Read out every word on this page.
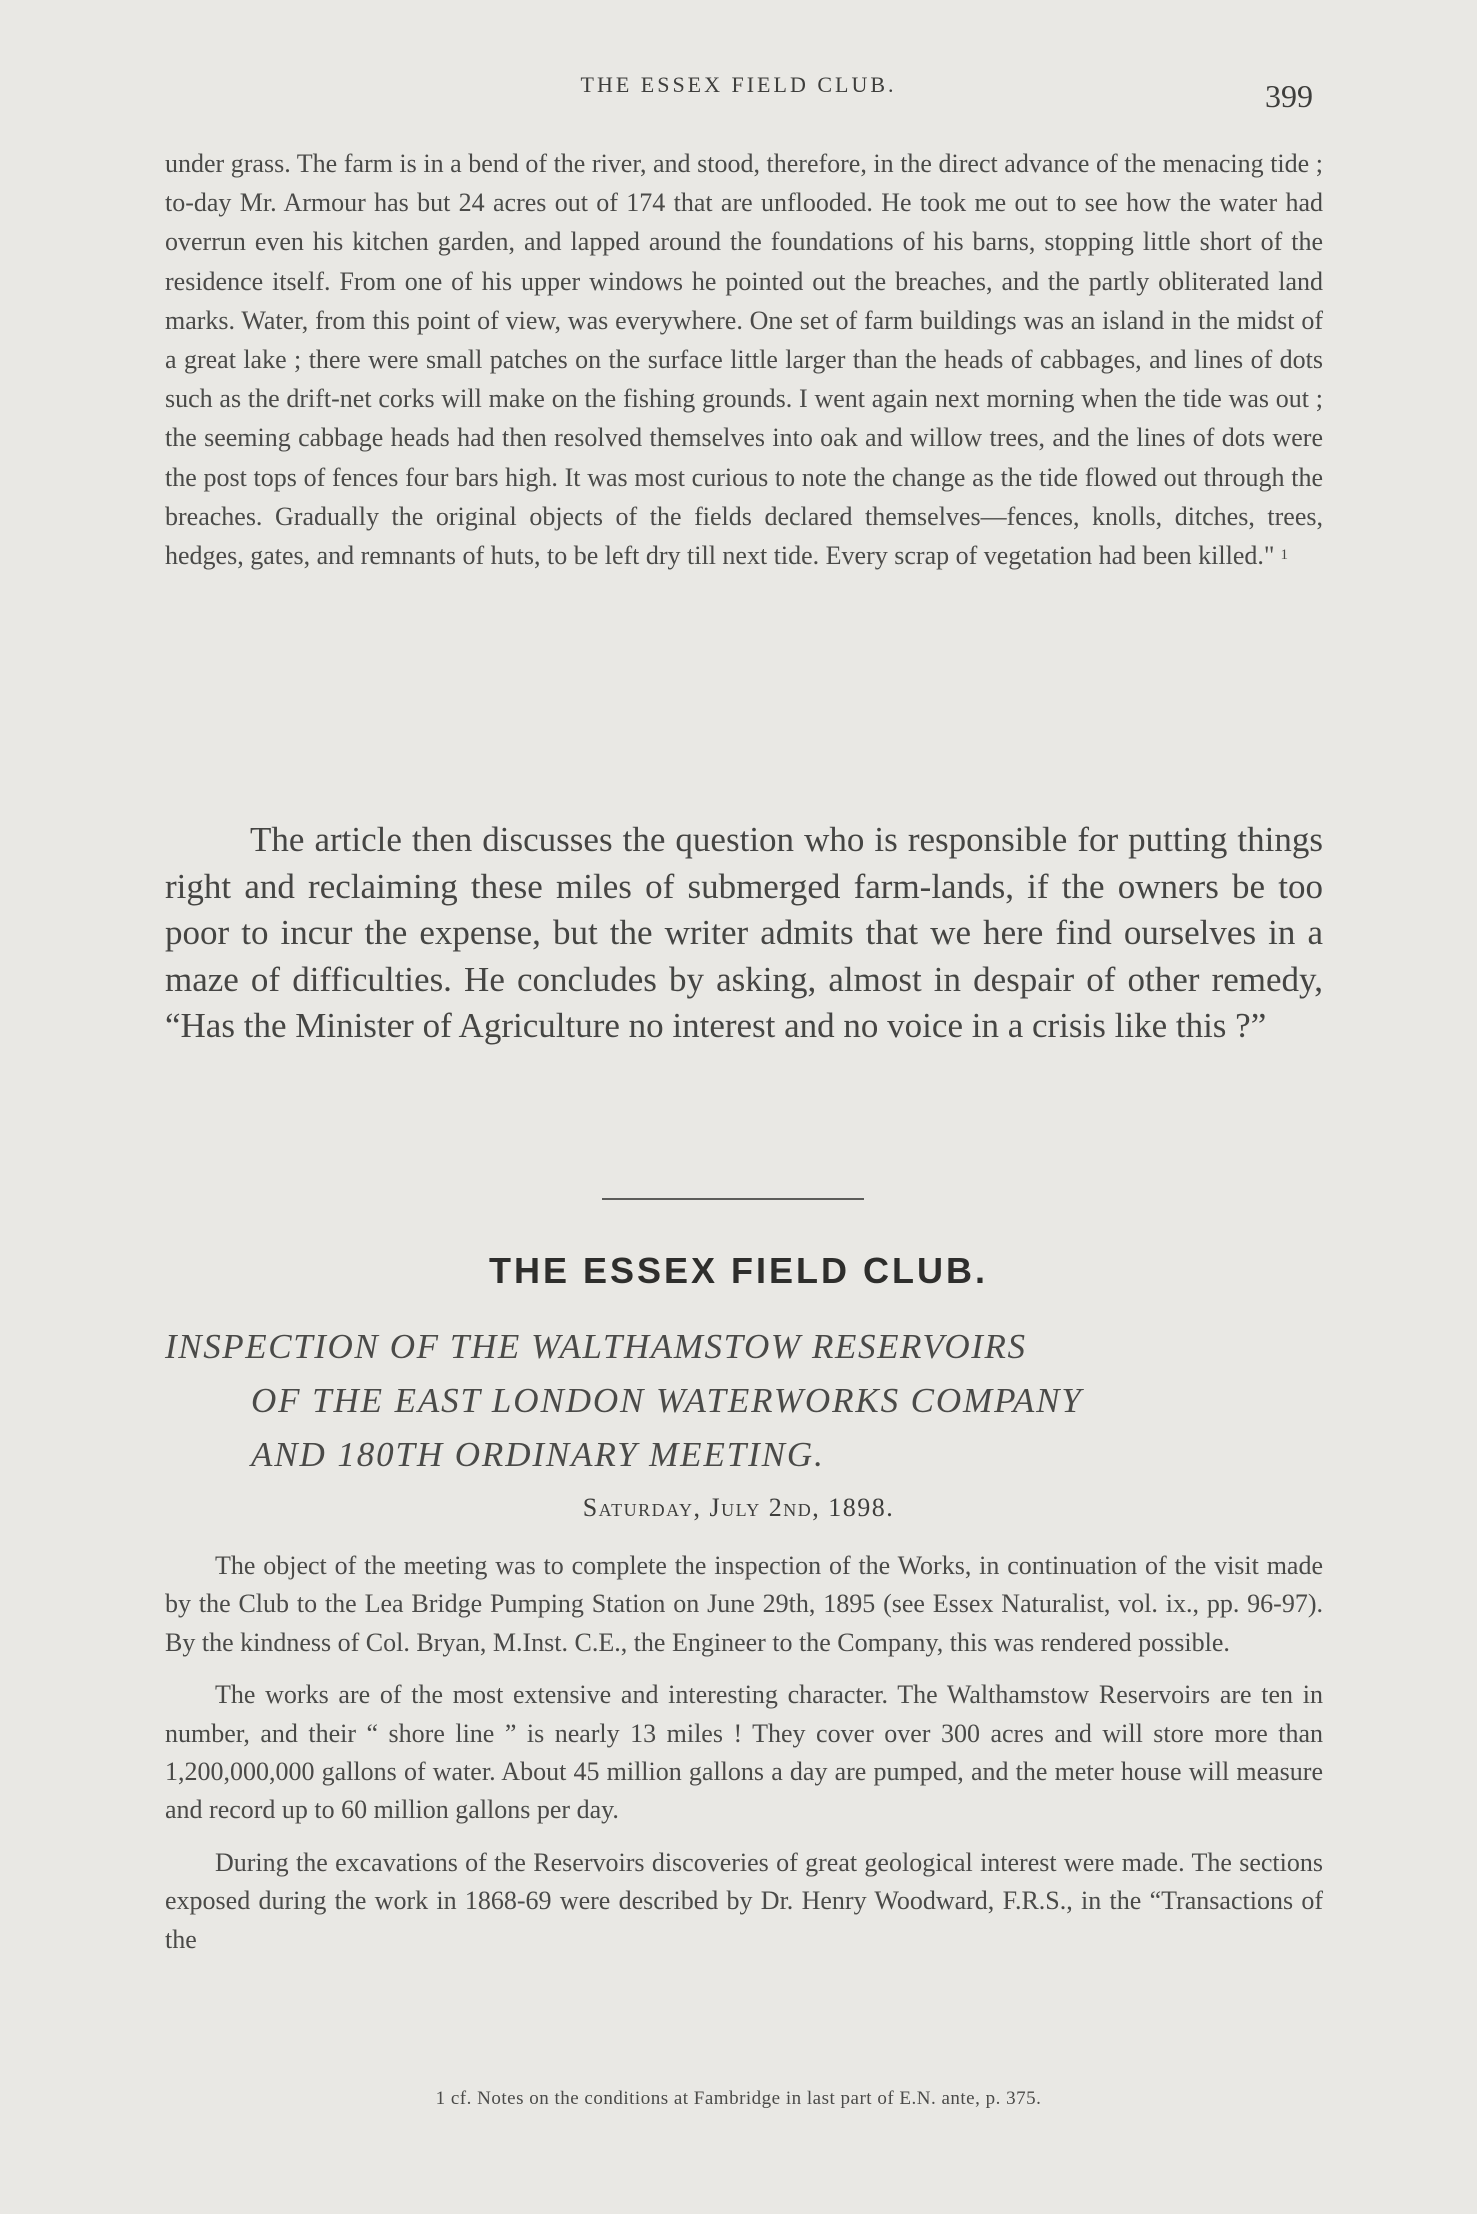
THE ESSEX FIELD CLUB.	399

under grass. The farm is in a bend of the river, and stood, therefore, in the direct advance of the menacing tide ; to-day Mr. Armour has but 24 acres out of 174 that are unflooded. He took me out to see how the water had overrun even his kitchen garden, and lapped around the foundations of his barns, stopping little short of the residence itself. From one of his upper windows he pointed out the breaches, and the partly obliterated land marks. Water, from this point of view, was everywhere. One set of farm buildings was an island in the midst of a great lake ; there were small patches on the surface little larger than the heads of cabbages, and lines of dots such as the drift-net corks will make on the fishing grounds. I went again next morning when the tide was out ; the seeming cabbage heads had then resolved themselves into oak and willow trees, and the lines of dots were the post tops of fences four bars high. It was most curious to note the change as the tide flowed out through the breaches. Gradually the original objects of the fields declared themselves—fences, knolls, ditches, trees, hedges, gates, and remnants of huts, to be left dry till next tide. Every scrap of vegetation had been killed." 1

The article then discusses the question who is responsible for putting things right and reclaiming these miles of submerged farm-lands, if the owners be too poor to incur the expense, but the writer admits that we here find ourselves in a maze of difficulties. He concludes by asking, almost in despair of other remedy, “Has the Minister of Agriculture no interest and no voice in a crisis like this ?”

THE ESSEX FIELD CLUB.
INSPECTION OF THE WALTHAMSTOW RESERVOIRS
OF THE EAST LONDON WATERWORKS COMPANY
AND 180TH ORDINARY MEETING.
Saturday, July 2nd, 1898.

The object of the meeting was to complete the inspection of the Works, in continuation of the visit made by the Club to the Lea Bridge Pumping Station on June 29th, 1895 (see Essex Naturalist, vol. ix., pp. 96-97). By the kindness of Col. Bryan, M.Inst. C.E., the Engineer to the Company, this was rendered possible.

The works are of the most extensive and interesting character. The Walthamstow Reservoirs are ten in number, and their “ shore line ” is nearly 13 miles ! They cover over 300 acres and will store more than 1,200,000,000 gallons of water. About 45 million gallons a day are pumped, and the meter house will measure and record up to 60 million gallons per day.

During the excavations of the Reservoirs discoveries of great geological interest were made. The sections exposed during the work in 1868-69 were described by Dr. Henry Woodward, F.R.S., in the “Transactions of the

1 cf. Notes on the conditions at Fambridge in last part of E.N. ante, p. 375.
